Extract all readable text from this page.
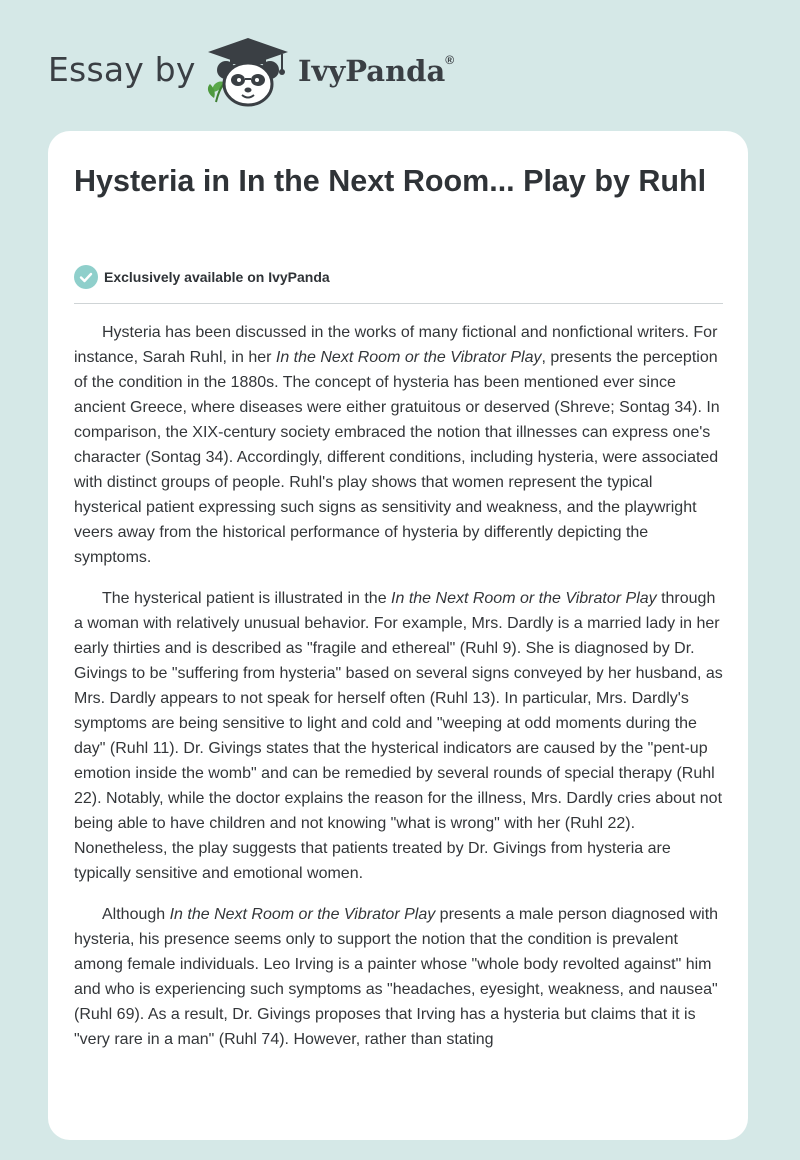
Essay by	IvyPanda®
Hysteria in In the Next Room... Play by Ruhl
Exclusively available on IvyPanda

Hysteria has been discussed in the works of many fictional and nonfictional writers. For instance, Sarah Ruhl, in her In the Next Room or the Vibrator Play, presents the perception of the condition in the 1880s. The concept of hysteria has been mentioned ever since ancient Greece, where diseases were either gratuitous or deserved (Shreve; Sontag 34). In comparison, the XIX-century society embraced the notion that illnesses can express one's character (Sontag 34). Accordingly, different conditions, including hysteria, were associated with distinct groups of people. Ruhl's play shows that women represent the typical hysterical patient expressing such signs as sensitivity and weakness, and the playwright veers away from the historical performance of hysteria by differently depicting the symptoms.

The hysterical patient is illustrated in the In the Next Room or the Vibrator Play through a woman with relatively unusual behavior. For example, Mrs. Dardly is a married lady in her early thirties and is described as "fragile and ethereal" (Ruhl 9). She is diagnosed by Dr. Givings to be "suffering from hysteria" based on several signs conveyed by her husband, as Mrs. Dardly appears to not speak for herself often (Ruhl 13). In particular, Mrs. Dardly's symptoms are being sensitive to light and cold and "weeping at odd moments during the day" (Ruhl 11). Dr. Givings states that the hysterical indicators are caused by the "pent-up emotion inside the womb" and can be remedied by several rounds of special therapy (Ruhl 22). Notably, while the doctor explains the reason for the illness, Mrs. Dardly cries about not being able to have children and not knowing "what is wrong" with her (Ruhl 22). Nonetheless, the play suggests that patients treated by Dr. Givings from hysteria are typically sensitive and emotional women.

Although In the Next Room or the Vibrator Play presents a male person diagnosed with hysteria, his presence seems only to support the notion that the condition is prevalent among female individuals. Leo Irving is a painter whose "whole body revolted against" him and who is experiencing such symptoms as "headaches, eyesight, weakness, and nausea" (Ruhl 69). As a result, Dr. Givings proposes that Irving has a hysteria but claims that it is "very rare in a man" (Ruhl 74). However, rather than stating
